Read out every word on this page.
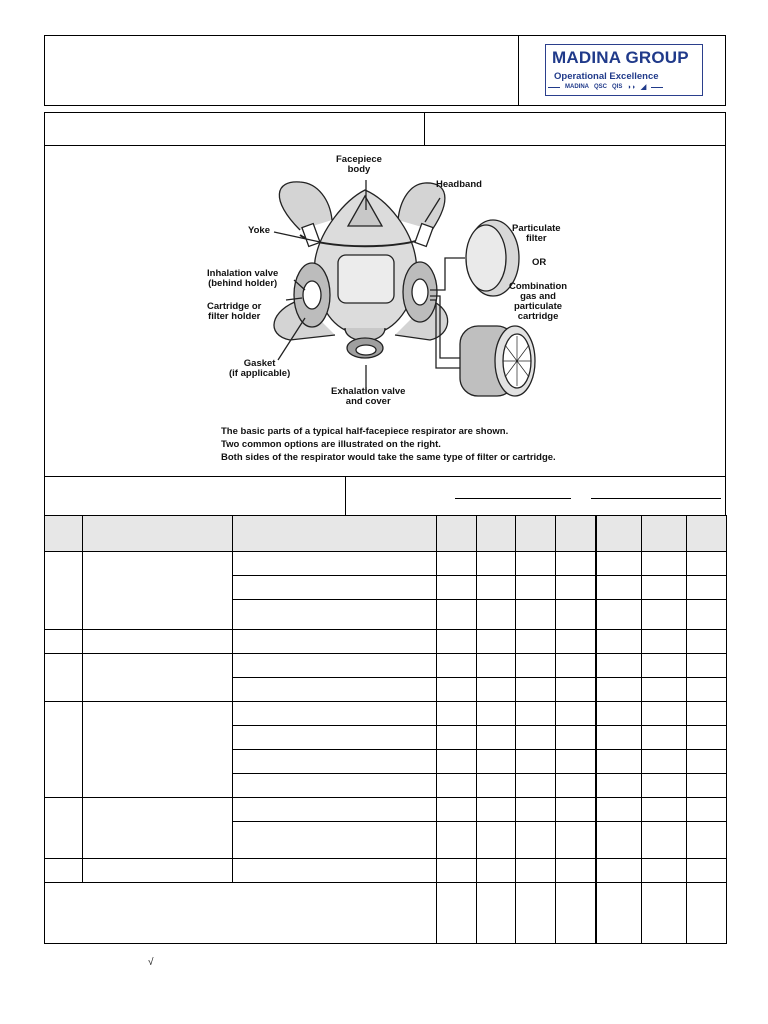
MADINA GROUP
Operational Excellence
MADINA QSC QIS ◗◗ ◢
Facepiece
body
Headband
Yoke
Inhalation valve
(behind holder)
Cartridge or
filter holder
Gasket
(if applicable)
Exhalation valve
and cover
Particulate
filter
OR
Combination
gas and
particulate
cartridge
The basic parts of a typical half-facepiece respirator are shown.
Two common options are illustrated on the right.
Both sides of the respirator would take the same type of filter or cartridge.

√
